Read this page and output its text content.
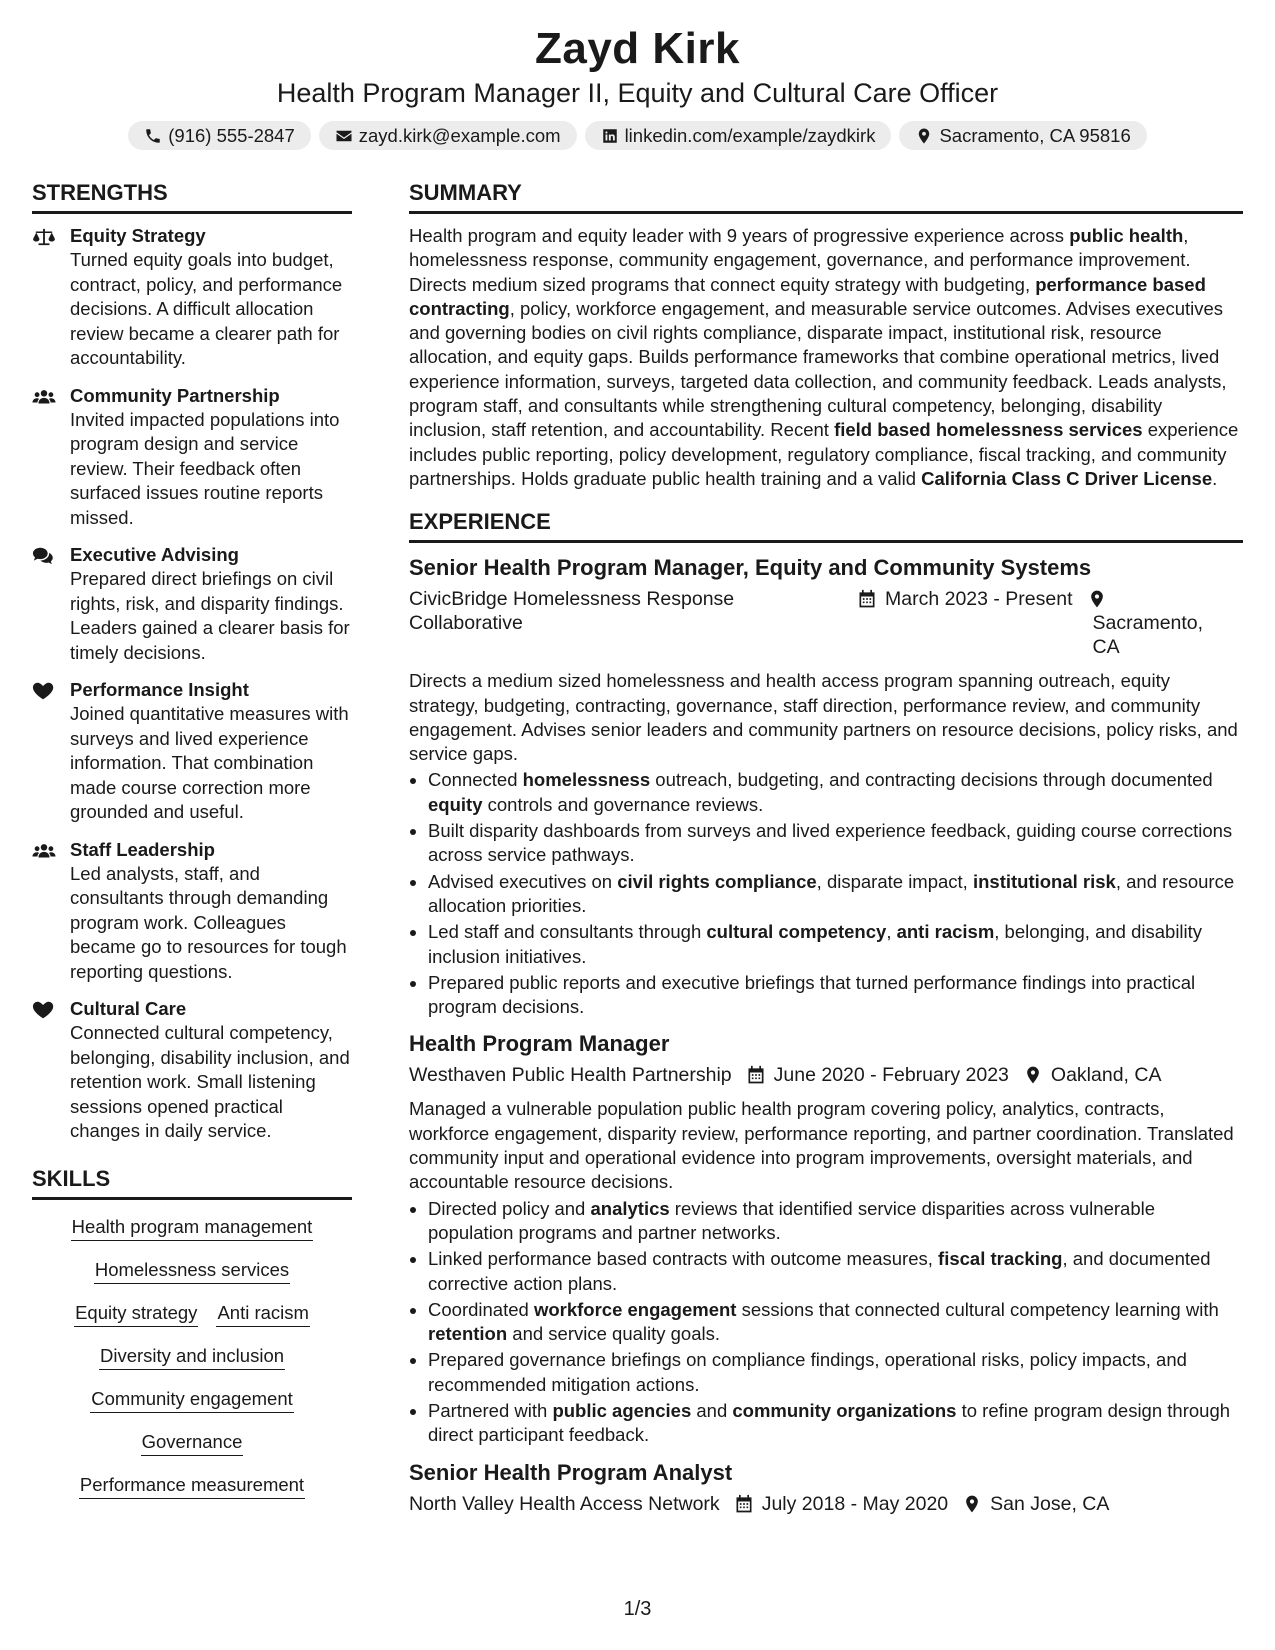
Zayd Kirk
Health Program Manager II, Equity and Cultural Care Officer
(916) 555-2847	zayd.kirk@example.com	linkedin.com/example/zaydkirk	Sacramento, CA 95816
STRENGTHS
Equity Strategy
Turned equity goals into budget, contract, policy, and performance decisions. A difficult allocation review became a clearer path for accountability.
Community Partnership
Invited impacted populations into program design and service review. Their feedback often surfaced issues routine reports missed.
Executive Advising
Prepared direct briefings on civil rights, risk, and disparity findings. Leaders gained a clearer basis for timely decisions.
Performance Insight
Joined quantitative measures with surveys and lived experience information. That combination made course correction more grounded and useful.
Staff Leadership
Led analysts, staff, and consultants through demanding program work. Colleagues became go to resources for tough reporting questions.
Cultural Care
Connected cultural competency, belonging, disability inclusion, and retention work. Small listening sessions opened practical changes in daily service.
SKILLS
Health program management
Homelessness services
Equity strategy Anti racism
Diversity and inclusion
Community engagement
Governance
Performance measurement
SUMMARY
Health program and equity leader with 9 years of progressive experience across public health, homelessness response, community engagement, governance, and performance improvement. Directs medium sized programs that connect equity strategy with budgeting, performance based contracting, policy, workforce engagement, and measurable service outcomes. Advises executives and governing bodies on civil rights compliance, disparate impact, institutional risk, resource allocation, and equity gaps. Builds performance frameworks that combine operational metrics, lived experience information, surveys, targeted data collection, and community feedback. Leads analysts, program staff, and consultants while strengthening cultural competency, belonging, disability inclusion, staff retention, and accountability. Recent field based homelessness services experience includes public reporting, policy development, regulatory compliance, fiscal tracking, and community partnerships. Holds graduate public health training and a valid California Class C Driver License.
EXPERIENCE
Senior Health Program Manager, Equity and Community Systems
CivicBridge Homelessness Response Collaborative
March 2023 - Present
Sacramento, CA
Directs a medium sized homelessness and health access program spanning outreach, equity strategy, budgeting, contracting, governance, staff direction, performance review, and community engagement. Advises senior leaders and community partners on resource decisions, policy risks, and service gaps.
• Connected homelessness outreach, budgeting, and contracting decisions through documented equity controls and governance reviews.
• Built disparity dashboards from surveys and lived experience feedback, guiding course corrections across service pathways.
• Advised executives on civil rights compliance, disparate impact, institutional risk, and resource allocation priorities.
• Led staff and consultants through cultural competency, anti racism, belonging, and disability inclusion initiatives.
• Prepared public reports and executive briefings that turned performance findings into practical program decisions.
Health Program Manager
Westhaven Public Health Partnership June 2020 - February 2023 Oakland, CA
Managed a vulnerable population public health program covering policy, analytics, contracts, workforce engagement, disparity review, performance reporting, and partner coordination. Translated community input and operational evidence into program improvements, oversight materials, and accountable resource decisions.
• Directed policy and analytics reviews that identified service disparities across vulnerable population programs and partner networks.
• Linked performance based contracts with outcome measures, fiscal tracking, and documented corrective action plans.
• Coordinated workforce engagement sessions that connected cultural competency learning with retention and service quality goals.
• Prepared governance briefings on compliance findings, operational risks, policy impacts, and recommended mitigation actions.
• Partnered with public agencies and community organizations to refine program design through direct participant feedback.
Senior Health Program Analyst
North Valley Health Access Network July 2018 - May 2020 San Jose, CA
1/3
